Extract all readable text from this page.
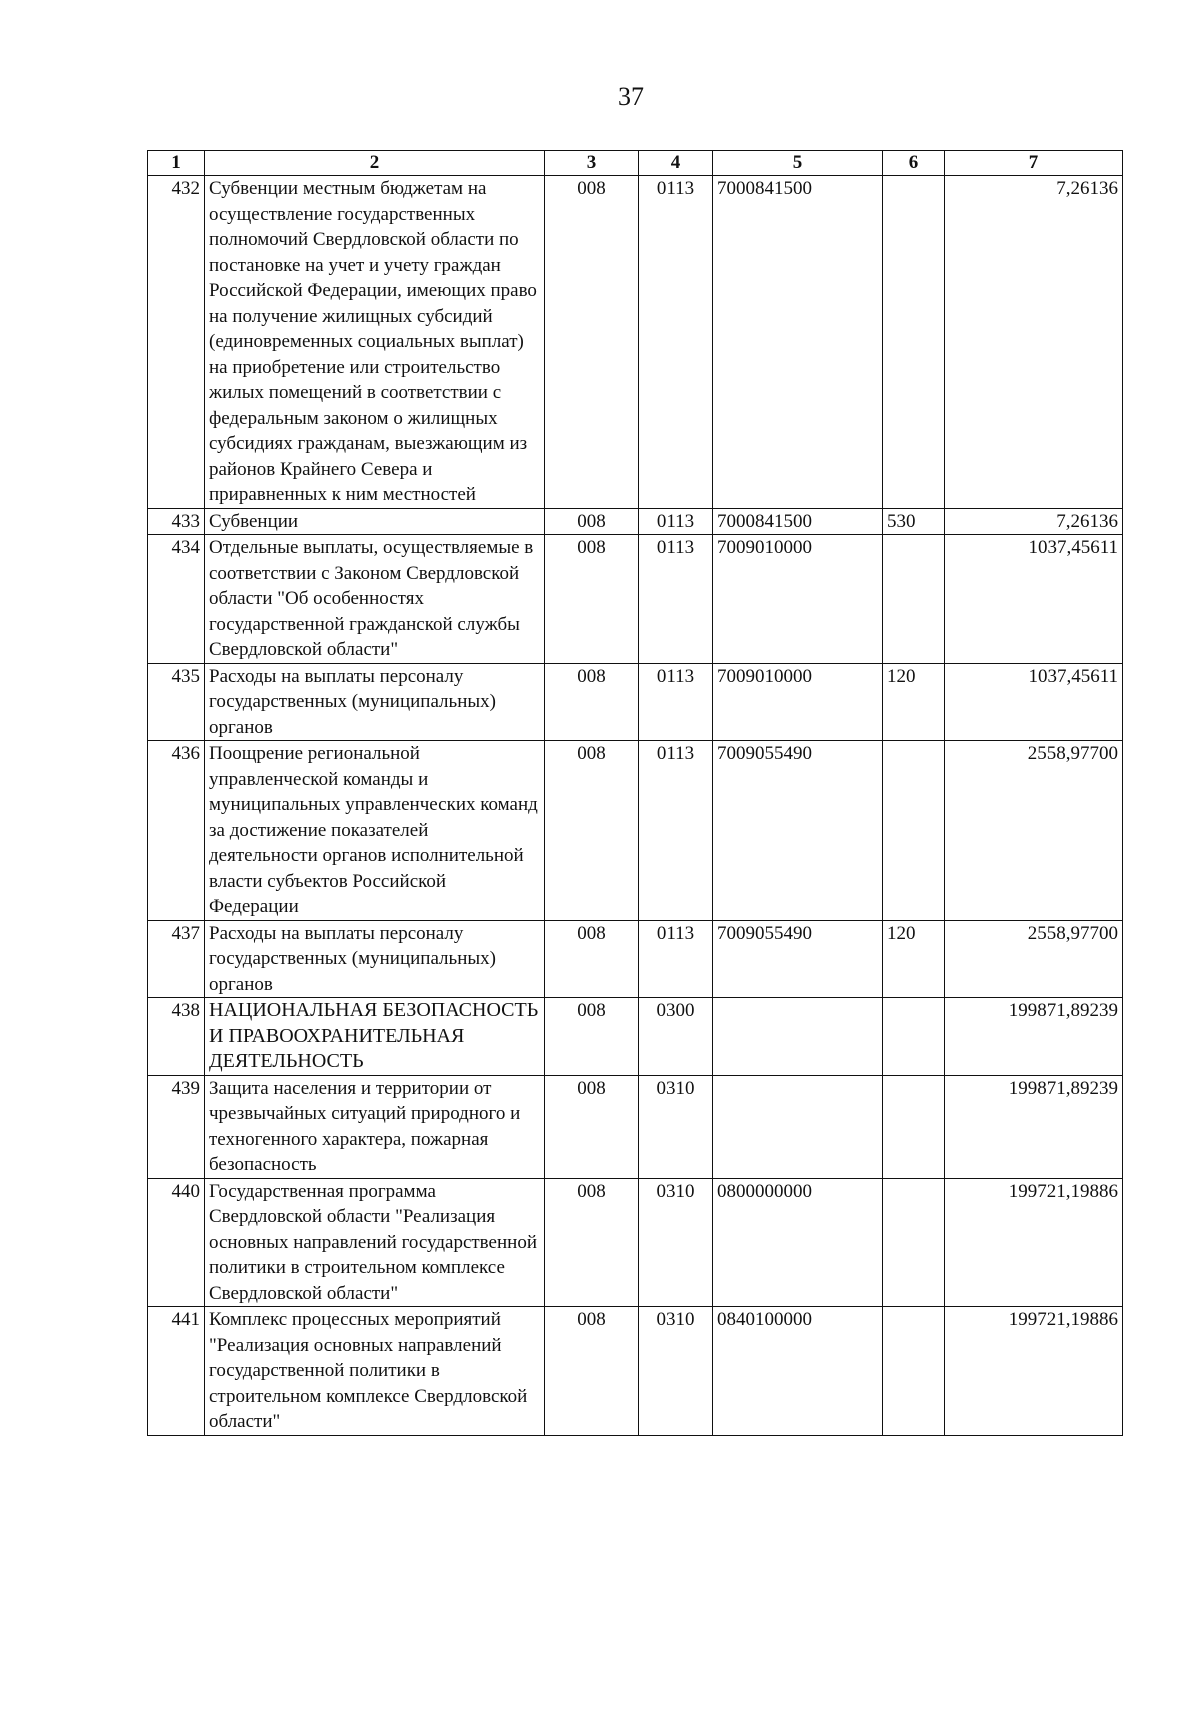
37
1	2	3	4	5	6	7
432	Субвенции местным бюджетам на осуществление государственных полномочий Свердловской области по постановке на учет и учету граждан Российской Федерации, имеющих право на получение жилищных субсидий (единовременных социальных выплат) на приобретение или строительство жилых помещений в соответствии с федеральным законом о жилищных субсидиях гражданам, выезжающим из районов Крайнего Севера и приравненных к ним местностей	008	0113	7000841500		7,26136
433	Субвенции	008	0113	7000841500	530	7,26136
434	Отдельные выплаты, осуществляемые в соответствии с Законом Свердловской области "Об особенностях государственной гражданской службы Свердловской области"	008	0113	7009010000		1037,45611
435	Расходы на выплаты персоналу государственных (муниципальных) органов	008	0113	7009010000	120	1037,45611
436	Поощрение региональной управленческой команды и муниципальных управленческих команд за достижение показателей деятельности органов исполнительной власти субъектов Российской Федерации	008	0113	7009055490		2558,97700
437	Расходы на выплаты персоналу государственных (муниципальных) органов	008	0113	7009055490	120	2558,97700
438	НАЦИОНАЛЬНАЯ БЕЗОПАСНОСТЬ И ПРАВООХРАНИТЕЛЬНАЯ ДЕЯТЕЛЬНОСТЬ	008	0300			199871,89239
439	Защита населения и территории от чрезвычайных ситуаций природного и техногенного характера, пожарная безопасность	008	0310			199871,89239
440	Государственная программа Свердловской области "Реализация основных направлений государственной политики в строительном комплексе Свердловской области"	008	0310	0800000000		199721,19886
441	Комплекс процессных мероприятий "Реализация основных направлений государственной политики в строительном комплексе Свердловской области"	008	0310	0840100000		199721,19886
